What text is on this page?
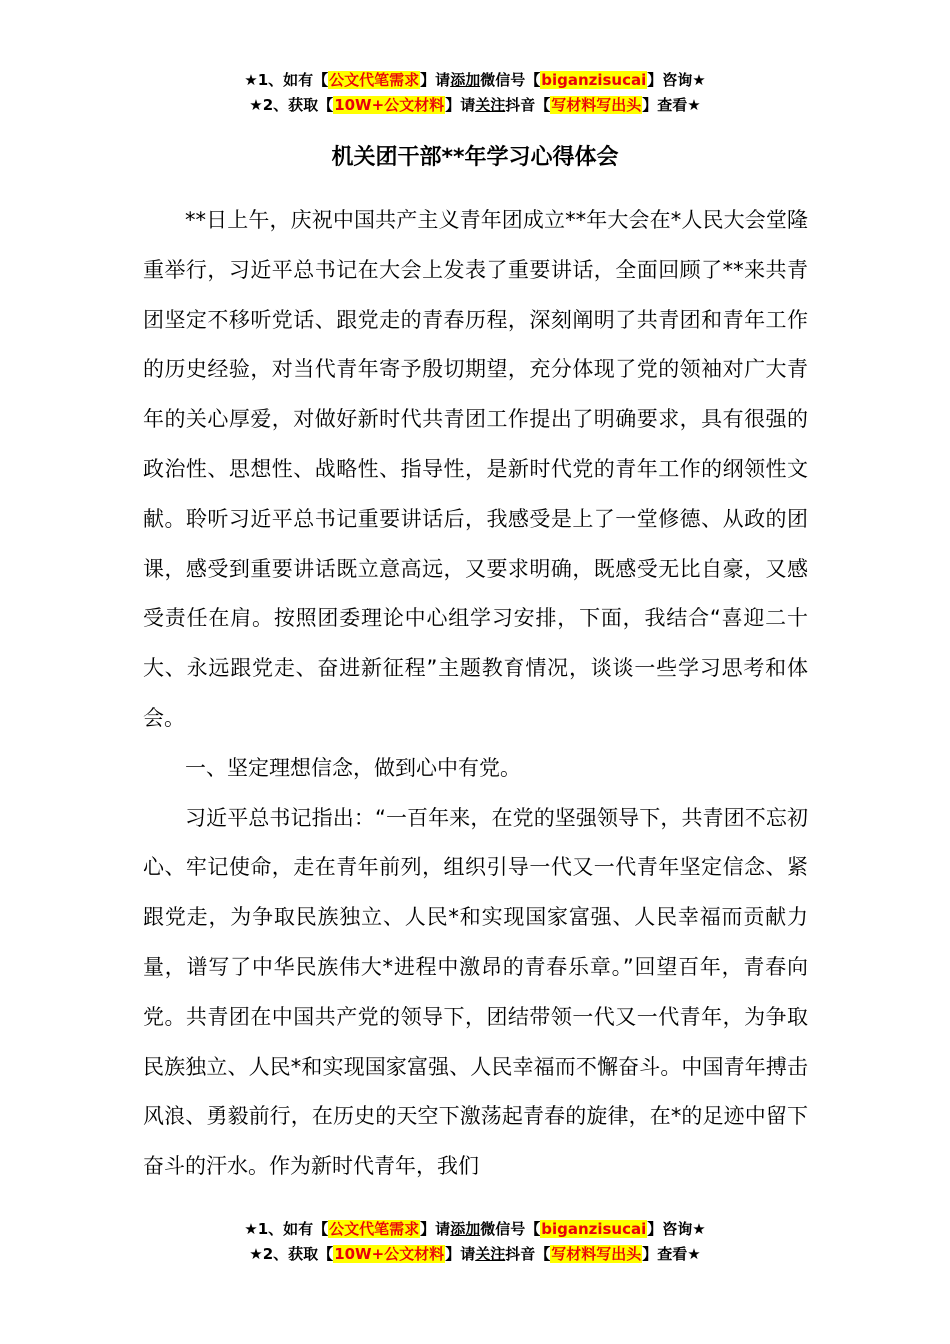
★1、如有【公文代笔需求】请添加微信号【biganzisucai】咨询★
★2、获取【10W+公文材料】请关注抖音【写材料写出头】查看★
机关团干部**年学习心得体会

**日上午，庆祝中国共产主义青年团成立**年大会在*人民大会堂隆重举行，习近平总书记在大会上发表了重要讲话，全面回顾了**来共青团坚定不移听党话、跟党走的青春历程，深刻阐明了共青团和青年工作的历史经验，对当代青年寄予殷切期望，充分体现了党的领袖对广大青年的关心厚爱，对做好新时代共青团工作提出了明确要求，具有很强的政治性、思想性、战略性、指导性，是新时代党的青年工作的纲领性文献。聆听习近平总书记重要讲话后，我感受是上了一堂修德、从政的团课，感受到重要讲话既立意高远，又要求明确，既感受无比自豪，又感受责任在肩。按照团委理论中心组学习安排，下面，我结合“喜迎二十大、永远跟党走、奋进新征程”主题教育情况，谈谈一些学习思考和体会。

一、坚定理想信念，做到心中有党。

习近平总书记指出：“一百年来，在党的坚强领导下，共青团不忘初心、牢记使命，走在青年前列，组织引导一代又一代青年坚定信念、紧跟党走，为争取民族独立、人民*和实现国家富强、人民幸福而贡献力量，谱写了中华民族伟大*进程中激昂的青春乐章。”回望百年，青春向党。共青团在中国共产党的领导下，团结带领一代又一代青年，为争取民族独立、人民*和实现国家富强、人民幸福而不懈奋斗。中国青年搏击风浪、勇毅前行，在历史的天空下激荡起青春的旋律，在*的足迹中留下奋斗的汗水。作为新时代青年，我们

★1、如有【公文代笔需求】请添加微信号【biganzisucai】咨询★
★2、获取【10W+公文材料】请关注抖音【写材料写出头】查看★
